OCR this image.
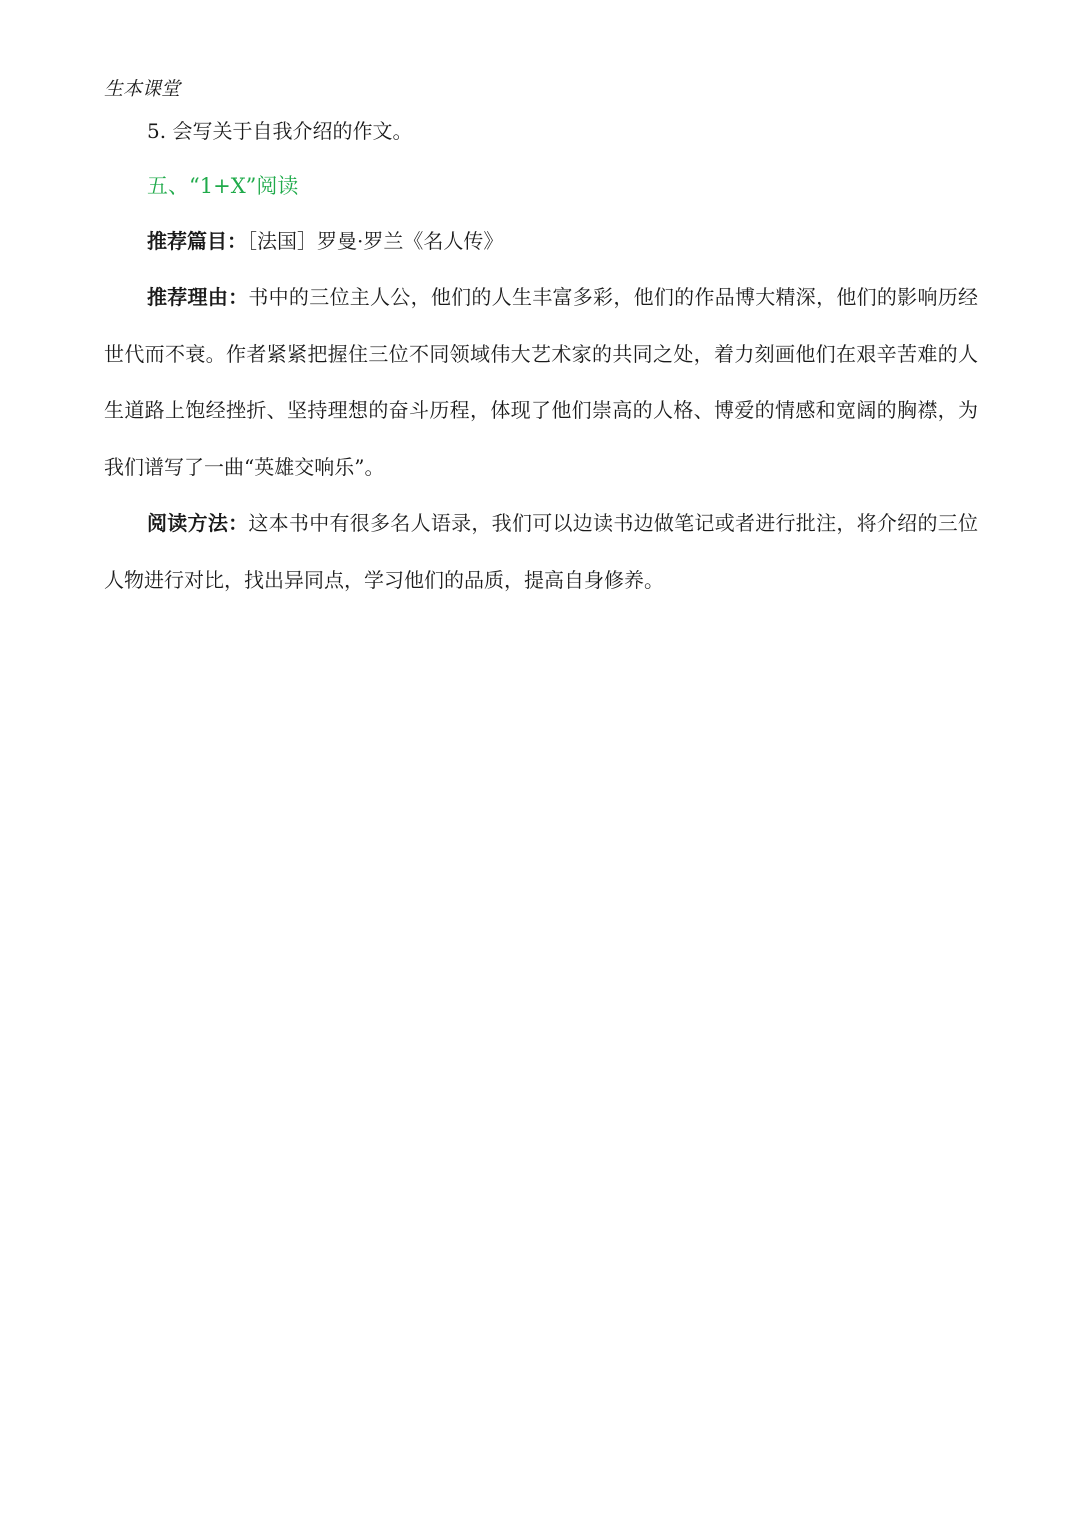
生本课堂

5. 会写关于自我介绍的作文。

五、“1+X”阅读

推荐篇目：［法国］罗曼·罗兰《名人传》

推荐理由：书中的三位主人公，他们的人生丰富多彩，他们的作品博大精深，他们的影响历经世代而不衰。作者紧紧把握住三位不同领域伟大艺术家的共同之处，着力刻画他们在艰辛苦难的人生道路上饱经挫折、坚持理想的奋斗历程，体现了他们崇高的人格、博爱的情感和宽阔的胸襟，为我们谱写了一曲“英雄交响乐”。

阅读方法：这本书中有很多名人语录，我们可以边读书边做笔记或者进行批注，将介绍的三位人物进行对比，找出异同点，学习他们的品质，提高自身修养。
